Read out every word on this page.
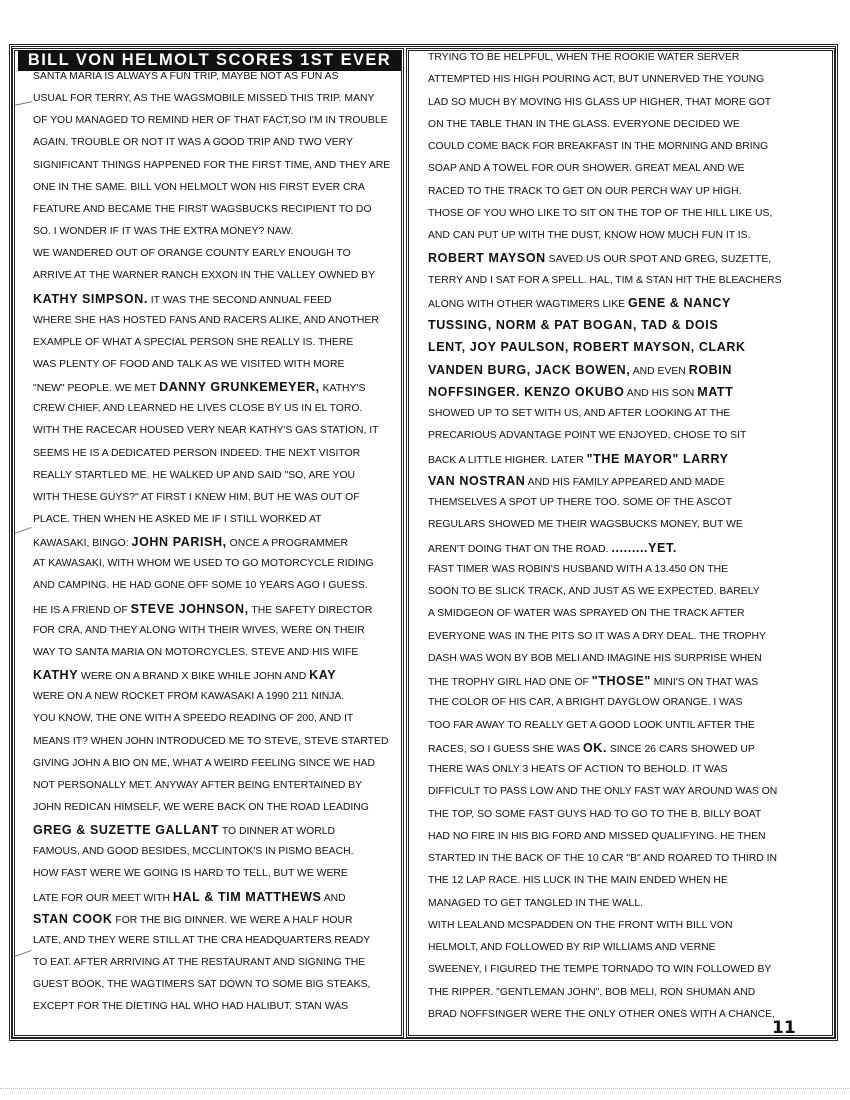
BILL VON HELMOLT SCORES 1ST EVER
SANTA MARIA IS ALWAYS A FUN TRIP, MAYBE NOT AS FUN AS
USUAL FOR TERRY, AS THE WAGSMOBILE MISSED THIS TRIP. MANY
OF YOU MANAGED TO REMIND HER OF THAT FACT,SO I'M IN TROUBLE
AGAIN. TROUBLE OR NOT IT WAS A GOOD TRIP AND TWO VERY
SIGNIFICANT THINGS HAPPENED FOR THE FIRST TIME, AND THEY ARE
ONE IN THE SAME. BILL VON HELMOLT WON HIS FIRST EVER CRA
FEATURE AND BECAME THE FIRST WAGSBUCKS RECIPIENT TO DO
SO. I WONDER IF IT WAS THE EXTRA MONEY? NAW.
WE WANDERED OUT OF ORANGE COUNTY EARLY ENOUGH TO
ARRIVE AT THE WARNER RANCH EXXON IN THE VALLEY OWNED BY
KATHY SIMPSON. IT WAS THE SECOND ANNUAL FEED
WHERE SHE HAS HOSTED FANS AND RACERS ALIKE, AND ANOTHER
EXAMPLE OF WHAT A SPECIAL PERSON SHE REALLY IS. THERE
WAS PLENTY OF FOOD AND TALK AS WE VISITED WITH MORE
"NEW" PEOPLE. WE MET DANNY GRUNKEMEYER, KATHY'S
CREW CHIEF, AND LEARNED HE LIVES CLOSE BY US IN EL TORO.
WITH THE RACECAR HOUSED VERY NEAR KATHY'S GAS STATION, IT
SEEMS HE IS A DEDICATED PERSON INDEED. THE NEXT VISITOR
REALLY STARTLED ME. HE WALKED UP AND SAID "SO, ARE YOU
WITH THESE GUYS?" AT FIRST I KNEW HIM, BUT HE WAS OUT OF
PLACE. THEN WHEN HE ASKED ME IF I STILL WORKED AT
KAWASAKI, BINGO: JOHN PARISH, ONCE A PROGRAMMER
AT KAWASAKI, WITH WHOM WE USED TO GO MOTORCYCLE RIDING
AND CAMPING. HE HAD GONE OFF SOME 10 YEARS AGO I GUESS.
HE IS A FRIEND OF STEVE JOHNSON, THE SAFETY DIRECTOR
FOR CRA, AND THEY ALONG WITH THEIR WIVES, WERE ON THEIR
WAY TO SANTA MARIA ON MOTORCYCLES. STEVE AND HIS WIFE
KATHY WERE ON A BRAND X BIKE WHILE JOHN AND KAY
WERE ON A NEW ROCKET FROM KAWASAKI A 1990 211 NINJA.
YOU KNOW, THE ONE WITH A SPEEDO READING OF 200, AND IT
MEANS IT? WHEN JOHN INTRODUCED ME TO STEVE, STEVE STARTED
GIVING JOHN A BIO ON ME, WHAT A WEIRD FEELING SINCE WE HAD
NOT PERSONALLY MET. ANYWAY AFTER BEING ENTERTAINED BY
JOHN REDICAN HIMSELF, WE WERE BACK ON THE ROAD LEADING
GREG & SUZETTE GALLANT TO DINNER AT WORLD
FAMOUS, AND GOOD BESIDES, MCCLINTOK'S IN PISMO BEACH.
HOW FAST WERE WE GOING IS HARD TO TELL, BUT WE WERE
LATE FOR OUR MEET WITH HAL & TIM MATTHEWS AND
STAN COOK FOR THE BIG DINNER. WE WERE A HALF HOUR
LATE, AND THEY WERE STILL AT THE CRA HEADQUARTERS READY
TO EAT. AFTER ARRIVING AT THE RESTAURANT AND SIGNING THE
GUEST BOOK, THE WAGTIMERS SAT DOWN TO SOME BIG STEAKS,
EXCEPT FOR THE DIETING HAL WHO HAD HALIBUT. STAN WAS
TRYING TO BE HELPFUL, WHEN THE ROOKIE WATER SERVER
ATTEMPTED HIS HIGH POURING ACT, BUT UNNERVED THE YOUNG
LAD SO MUCH BY MOVING HIS GLASS UP HIGHER, THAT MORE GOT
ON THE TABLE THAN IN THE GLASS. EVERYONE DECIDED WE
COULD COME BACK FOR BREAKFAST IN THE MORNING AND BRING
SOAP AND A TOWEL FOR OUR SHOWER. GREAT MEAL AND WE
RACED TO THE TRACK TO GET ON OUR PERCH WAY UP HIGH.
THOSE OF YOU WHO LIKE TO SIT ON THE TOP OF THE HILL LIKE US,
AND CAN PUT UP WITH THE DUST, KNOW HOW MUCH FUN IT IS.
ROBERT MAYSON SAVED US OUR SPOT AND GREG, SUZETTE,
TERRY AND I SAT FOR A SPELL. HAL, TIM & STAN HIT THE BLEACHERS
ALONG WITH OTHER WAGTIMERS LIKE GENE & NANCY
TUSSING, NORM & PAT BOGAN, TAD & DOIS
LENT, JOY PAULSON, ROBERT MAYSON, CLARK
VANDEN BURG, JACK BOWEN, AND EVEN ROBIN
NOFFSINGER. KENZO OKUBO AND HIS SON MATT
SHOWED UP TO SET WITH US, AND AFTER LOOKING AT THE
PRECARIOUS ADVANTAGE POINT WE ENJOYED, CHOSE TO SIT
BACK A LITTLE HIGHER. LATER "THE MAYOR" LARRY
VAN NOSTRAN AND HIS FAMILY APPEARED AND MADE
THEMSELVES A SPOT UP THERE TOO. SOME OF THE ASCOT
REGULARS SHOWED ME THEIR WAGSBUCKS MONEY, BUT WE
AREN'T DOING THAT ON THE ROAD. .........YET.
FAST TIMER WAS ROBIN'S HUSBAND WITH A 13.450 ON THE
SOON TO BE SLICK TRACK, AND JUST AS WE EXPECTED. BARELY
A SMIDGEON OF WATER WAS SPRAYED ON THE TRACK AFTER
EVERYONE WAS IN THE PITS SO IT WAS A DRY DEAL. THE TROPHY
DASH WAS WON BY BOB MELI AND IMAGINE HIS SURPRISE WHEN
THE TROPHY GIRL HAD ONE OF "THOSE" MINI'S ON THAT WAS
THE COLOR OF HIS CAR, A BRIGHT DAYGLOW ORANGE. I WAS
TOO FAR AWAY TO REALLY GET A GOOD LOOK UNTIL AFTER THE
RACES, SO I GUESS SHE WAS OK. SINCE 26 CARS SHOWED UP
THERE WAS ONLY 3 HEATS OF ACTION TO BEHOLD. IT WAS
DIFFICULT TO PASS LOW AND THE ONLY FAST WAY AROUND WAS ON
THE TOP, SO SOME FAST GUYS HAD TO GO TO THE B. BILLY BOAT
HAD NO FIRE IN HIS BIG FORD AND MISSED QUALIFYING. HE THEN
STARTED IN THE BACK OF THE 10 CAR "B" AND ROARED TO THIRD IN
THE 12 LAP RACE. HIS LUCK IN THE MAIN ENDED WHEN HE
MANAGED TO GET TANGLED IN THE WALL.
WITH LEALAND MCSPADDEN ON THE FRONT WITH BILL VON
HELMOLT, AND FOLLOWED BY RIP WILLIAMS AND VERNE
SWEENEY, I FIGURED THE TEMPE TORNADO TO WIN FOLLOWED BY
THE RIPPER. "GENTLEMAN JOHN", BOB MELI, RON SHUMAN AND
BRAD NOFFSINGER WERE THE ONLY OTHER ONES WITH A CHANCE,
11
